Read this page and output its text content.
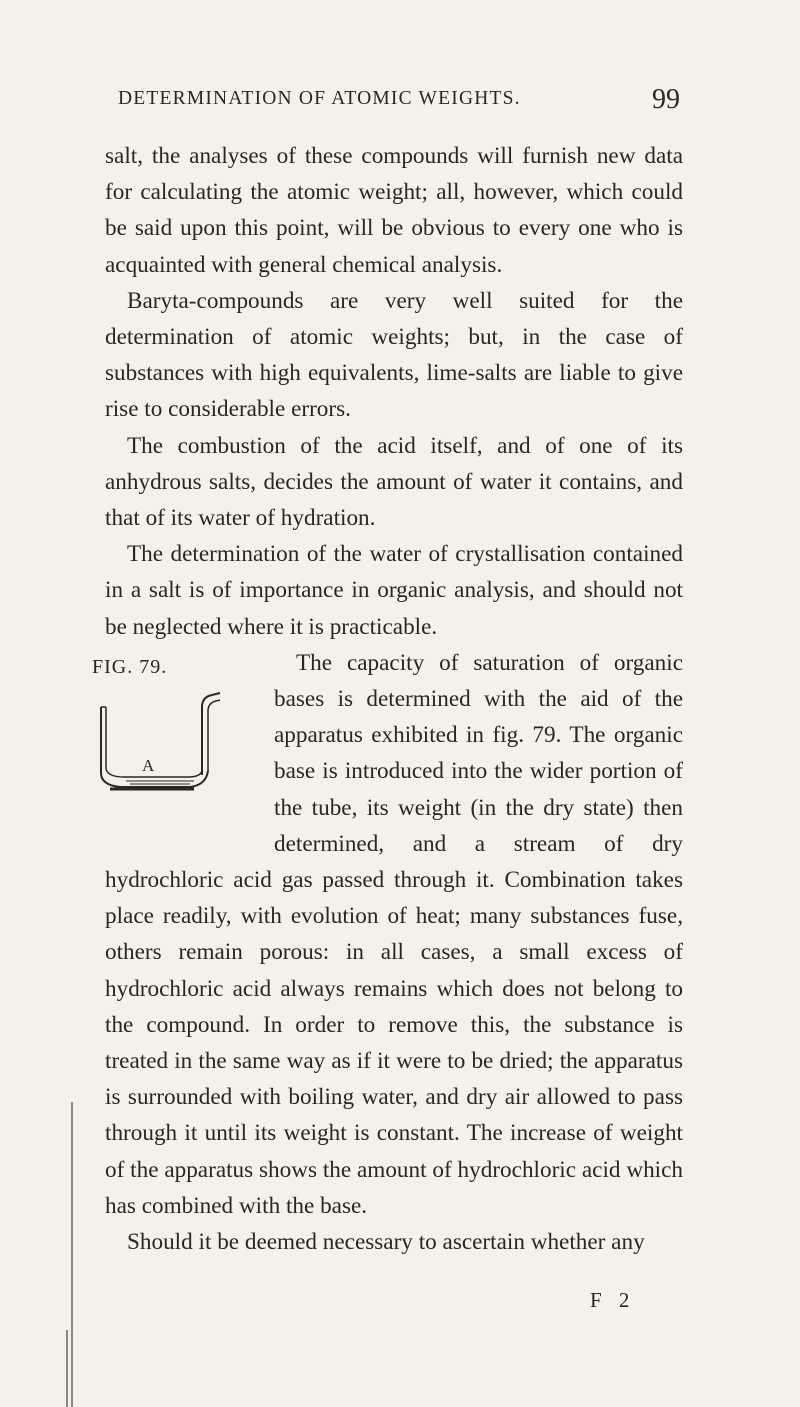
DETERMINATION OF ATOMIC WEIGHTS.	99

salt, the analyses of these compounds will furnish new data for calculating the atomic weight; all, however, which could be said upon this point, will be obvious to every one who is acquainted with general chemical analysis.

Baryta-compounds are very well suited for the determination of atomic weights; but, in the case of substances with high equivalents, lime-salts are liable to give rise to considerable errors.

The combustion of the acid itself, and of one of its anhydrous salts, decides the amount of water it contains, and that of its water of hydration.

The determination of the water of crystallisation contained in a salt is of importance in organic analysis, and should not be neglected where it is practicable.

FIG. 79.
A

The capacity of saturation of organic bases is determined with the aid of the apparatus exhibited in fig. 79. The organic base is introduced into the wider portion of the tube, its weight (in the dry state) then determined, and a stream of dry hydrochloric acid gas passed through it. Combination takes place readily, with evolution of heat; many substances fuse, others remain porous: in all cases, a small excess of hydrochloric acid always remains which does not belong to the compound. In order to remove this, the substance is treated in the same way as if it were to be dried; the apparatus is surrounded with boiling water, and dry air allowed to pass through it until its weight is constant. The increase of weight of the apparatus shows the amount of hydrochloric acid which has combined with the base.

Should it be deemed necessary to ascertain whether any

F 2
